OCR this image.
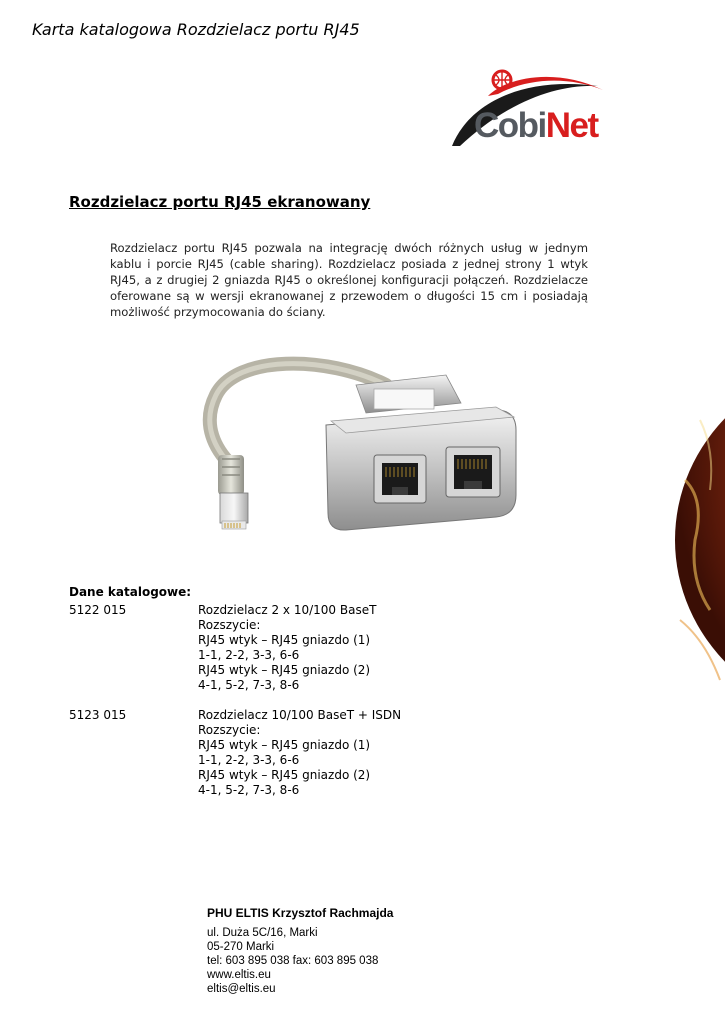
Karta katalogowa Rozdzielacz portu RJ45
CobiNet
Rozdzielacz portu RJ45 ekranowany
Rozdzielacz portu RJ45 pozwala na integrację dwóch różnych usług w jednym kablu i porcie RJ45 (cable sharing). Rozdzielacz posiada z jednej strony 1 wtyk RJ45, a z drugiej 2 gniazda RJ45 o określonej konfiguracji połączeń. Rozdzielacze oferowane są w wersji ekranowanej z przewodem o długości 15 cm i posiadają możliwość przymocowania do ściany.
Dane katalogowe:
5122 015	Rozdzielacz 2 x 10/100 BaseT
Rozszycie:
RJ45 wtyk – RJ45 gniazdo (1)
1-1, 2-2, 3-3, 6-6
RJ45 wtyk – RJ45 gniazdo (2)
4-1, 5-2, 7-3, 8-6
5123 015	Rozdzielacz 10/100 BaseT + ISDN
Rozszycie:
RJ45 wtyk – RJ45 gniazdo (1)
1-1, 2-2, 3-3, 6-6
RJ45 wtyk – RJ45 gniazdo (2)
4-1, 5-2, 7-3, 8-6
PHU ELTIS Krzysztof Rachmajda
ul. Duża 5C/16, Marki
05-270 Marki
tel: 603 895 038 fax: 603 895 038
www.eltis.eu
eltis@eltis.eu
